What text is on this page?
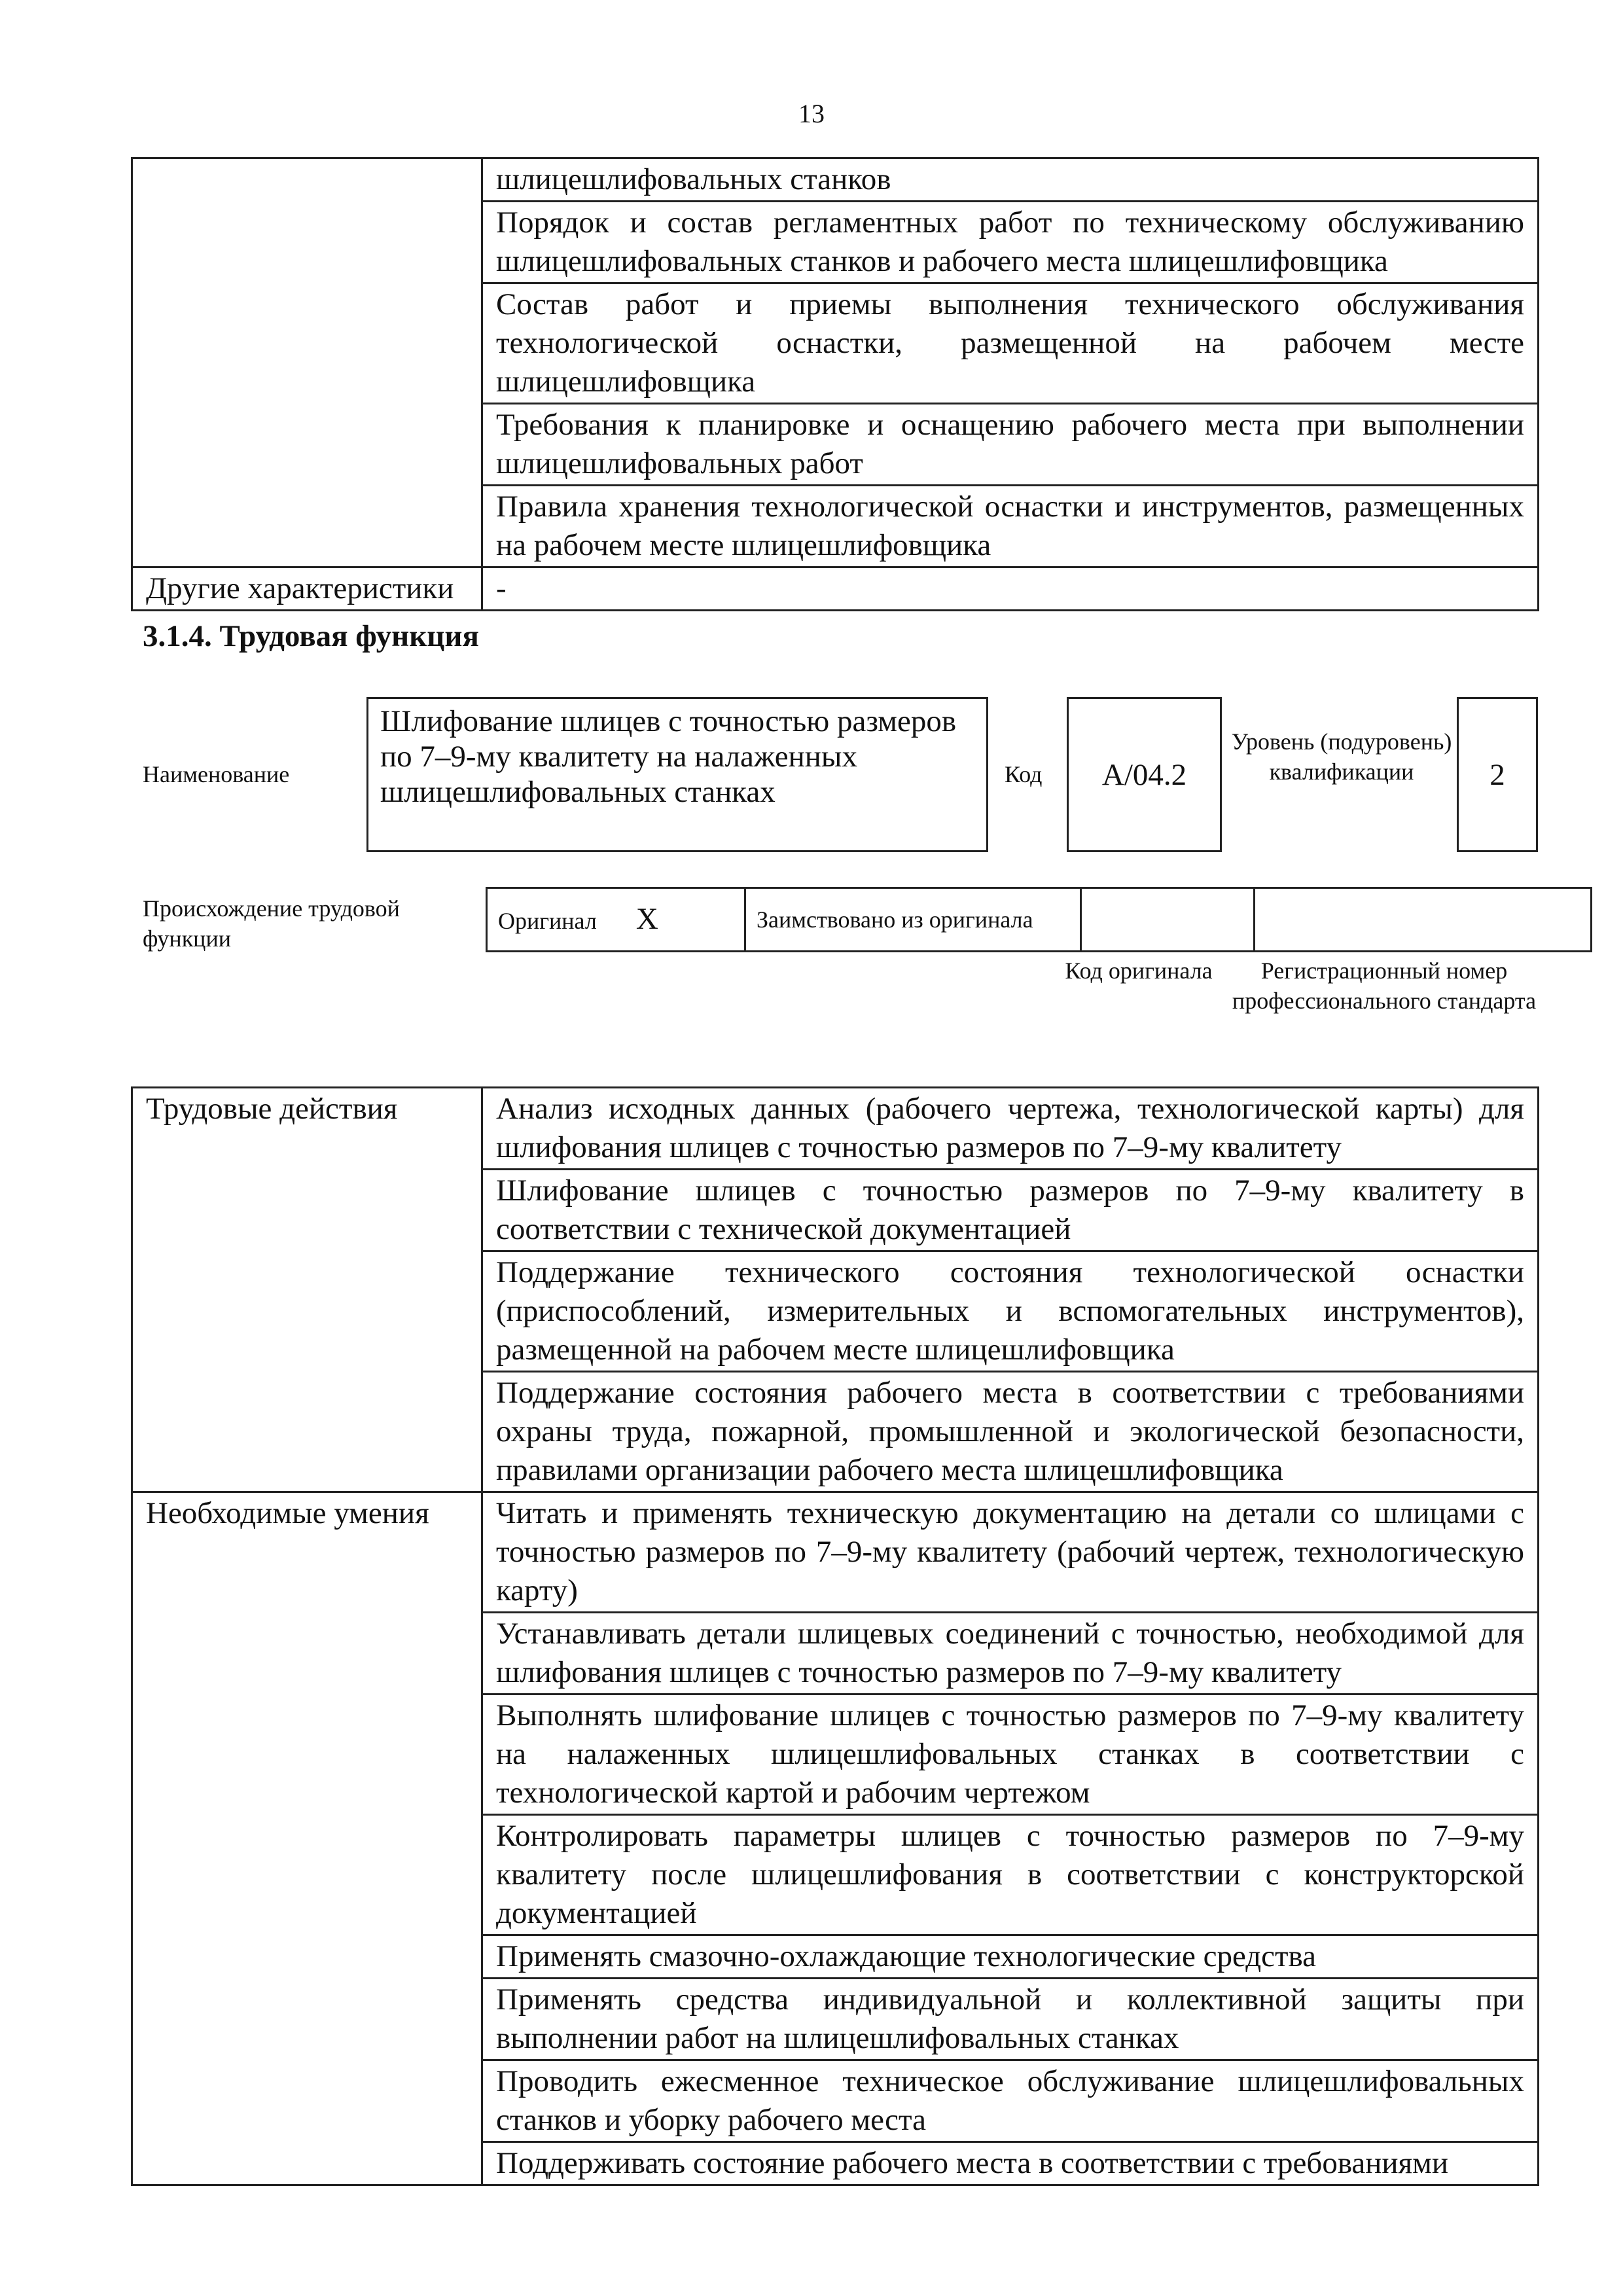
13
	шлицешлифовальных станков
	Порядок и состав регламентных работ по техническому обслуживанию шлицешлифовальных станков и рабочего места шлицешлифовщика
	Состав работ и приемы выполнения технического обслуживания технологической оснастки, размещенной на рабочем месте шлицешлифовщика
	Требования к планировке и оснащению рабочего места при выполнении шлицешлифовальных работ
	Правила хранения технологической оснастки и инструментов, размещенных на рабочем месте шлицешлифовщика
Другие характеристики	-
3.1.4. Трудовая функция
Наименование
Шлифование шлицев с точностью размеров по 7–9-му квалитету на налаженных шлицешлифовальных станках
Код	A/04.2
Уровень (подуровень) квалификации	2
Происхождение трудовой функции
Оригинал X	Заимствовано из оригинала		
Код оригинала	Регистрационный номер профессионального стандарта
Трудовые действия	Анализ исходных данных (рабочего чертежа, технологической карты) для шлифования шлицев с точностью размеров по 7–9-му квалитету
	Шлифование шлицев с точностью размеров по 7–9-му квалитету в соответствии с технической документацией
	Поддержание технического состояния технологической оснастки (приспособлений, измерительных и вспомогательных инструментов), размещенной на рабочем месте шлицешлифовщика
	Поддержание состояния рабочего места в соответствии с требованиями охраны труда, пожарной, промышленной и экологической безопасности, правилами организации рабочего места шлицешлифовщика
Необходимые умения	Читать и применять техническую документацию на детали со шлицами с точностью размеров по 7–9-му квалитету (рабочий чертеж, технологическую карту)
	Устанавливать детали шлицевых соединений с точностью, необходимой для шлифования шлицев с точностью размеров по 7–9-му квалитету
	Выполнять шлифование шлицев с точностью размеров по 7–9-му квалитету на налаженных шлицешлифовальных станках в соответствии с технологической картой и рабочим чертежом
	Контролировать параметры шлицев с точностью размеров по 7–9-му квалитету после шлицешлифования в соответствии с конструкторской документацией
	Применять смазочно-охлаждающие технологические средства
	Применять средства индивидуальной и коллективной защиты при выполнении работ на шлицешлифовальных станках
	Проводить ежесменное техническое обслуживание шлицешлифовальных станков и уборку рабочего места
	Поддерживать состояние рабочего места в соответствии с требованиями
